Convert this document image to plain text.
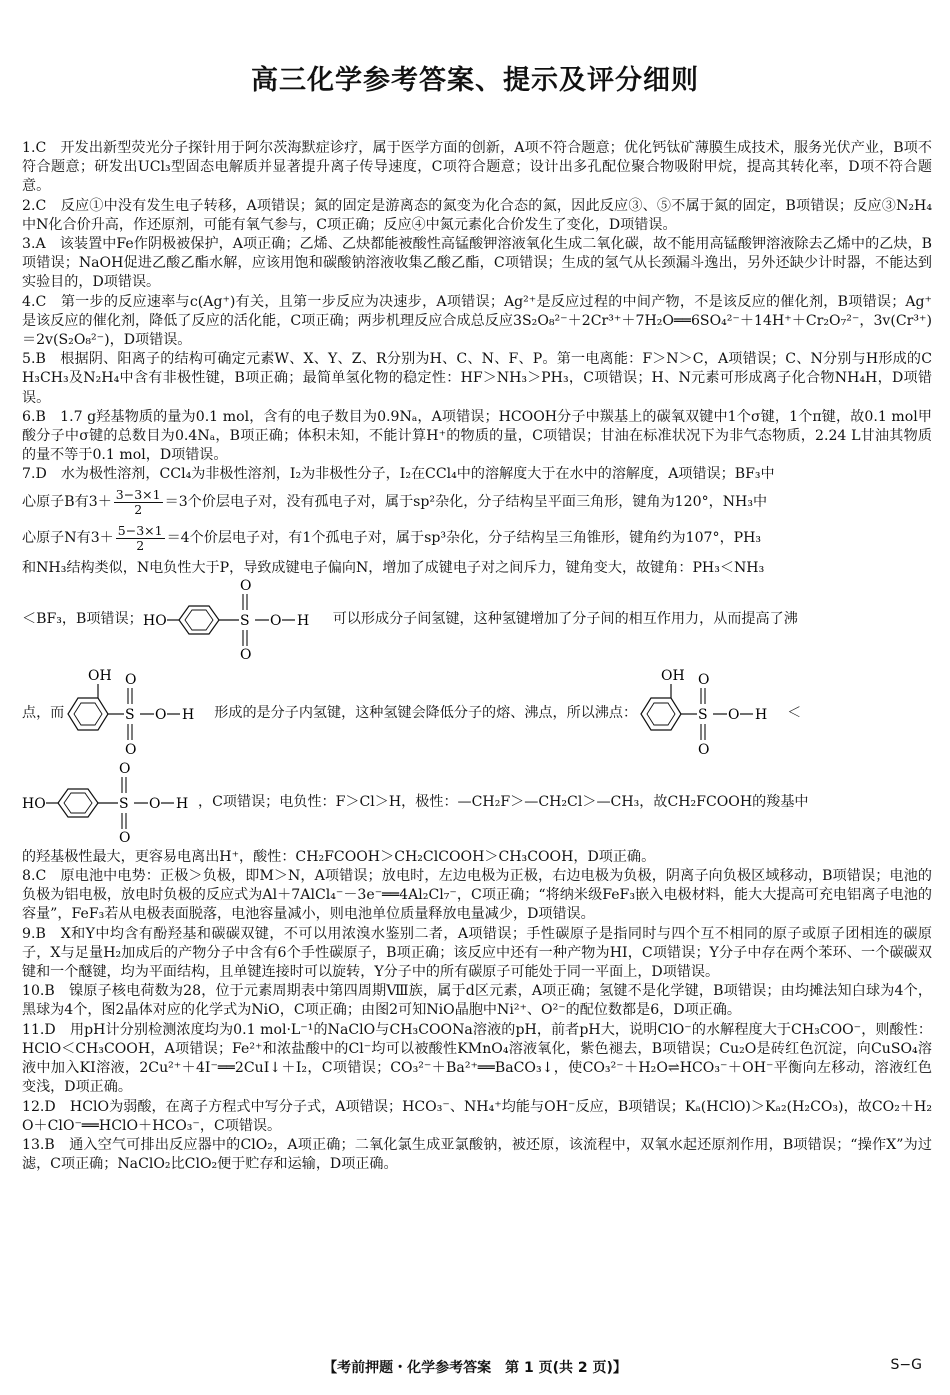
高三化学参考答案、提示及评分细则

1.C　开发出新型荧光分子探针用于阿尔茨海默症诊疗，属于医学方面的创新，A项不符合题意；优化钙钛矿薄膜生成技术，服务光伏产业，B项不符合题意；研发出UCl₃型固态电解质并显著提升离子传导速度，C项符合题意；设计出多孔配位聚合物吸附甲烷，提高其转化率，D项不符合题意。

2.C　反应①中没有发生电子转移，A项错误；氮的固定是游离态的氮变为化合态的氮，因此反应③、⑤不属于氮的固定，B项错误；反应③N₂H₄中N化合价升高，作还原剂，可能有氧气参与，C项正确；反应④中氮元素化合价发生了变化，D项错误。

3.A　该装置中Fe作阴极被保护，A项正确；乙烯、乙炔都能被酸性高锰酸钾溶液氧化生成二氧化碳，故不能用高锰酸钾溶液除去乙烯中的乙炔，B项错误；NaOH促进乙酸乙酯水解，应该用饱和碳酸钠溶液收集乙酸乙酯，C项错误；生成的氢气从长颈漏斗逸出，另外还缺少计时器，不能达到实验目的，D项错误。

4.C　第一步的反应速率与c(Ag⁺)有关，且第一步反应为决速步，A项错误；Ag²⁺是反应过程的中间产物，不是该反应的催化剂，B项错误；Ag⁺是该反应的催化剂，降低了反应的活化能，C项正确；两步机理反应合成总反应3S₂O₈²⁻＋2Cr³⁺＋7H₂O══6SO₄²⁻＋14H⁺＋Cr₂O₇²⁻，3v(Cr³⁺)＝2v(S₂O₈²⁻)，D项错误。

5.B　根据阴、阳离子的结构可确定元素W、X、Y、Z、R分别为H、C、N、F、P。第一电离能：F＞N＞C，A项错误；C、N分别与H形成的CH₃CH₃及N₂H₄中含有非极性键，B项正确；最简单氢化物的稳定性：HF＞NH₃＞PH₃，C项错误；H、N元素可形成离子化合物NH₄H，D项错误。

6.B　1.7 g羟基物质的量为0.1 mol，含有的电子数目为0.9Nₐ，A项错误；HCOOH分子中羰基上的碳氧双键中1个σ键，1个π键，故0.1 mol甲酸分子中σ键的总数目为0.4Nₐ，B项正确；体积未知，不能计算H⁺的物质的量，C项错误；甘油在标准状况下为非气态物质，2.24 L甘油其物质的量不等于0.1 mol，D项错误。

7.D　水为极性溶剂，CCl₄为非极性溶剂，I₂为非极性分子，I₂在CCl₄中的溶解度大于在水中的溶解度，A项错误；BF₃中

心原子B有$3+ \frac{3-3\times 1}{2} =3$个价层电子对，没有孤电子对，属于sp²杂化，分子结构呈平面三角形，键角为120°，NH₃中
心原子N有$3+ \frac{5-3\times 1}{2} =4$个价层电子对，有1个孤电子对，属于sp³杂化，分子结构呈三角锥形，键角约为107°，PH₃

和NH₃结构类似，N电负性大于P，导致成键电子偏向N，增加了成键电子对之间斥力，键角变大，故键角：PH₃＜NH₃

＜BF₃，B项错误； HO	S
O
O
O H 可以形成分子间氢键，这种氢键增加了分子间的相互作用力，从而提高了沸
点，而
OH
S
O
O
O H 形成的是分子内氢键，这种氢键会降低分子的熔、沸点，所以沸点：
OH
S
O
O
O H ＜
HO	S
O
O
O H ，C项错误；电负性：F＞Cl＞H，极性：—CH₂F＞—CH₂Cl＞—CH₃，故CH₂FCOOH的羧基中

的羟基极性最大，更容易电离出H⁺，酸性：CH₂FCOOH＞CH₂ClCOOH＞CH₃COOH，D项正确。

8.C　原电池中电势：正极＞负极，即M＞N，A项错误；放电时，左边电极为正极，右边电极为负极，阴离子向负极区域移动，B项错误；电池的负极为铝电极，放电时负极的反应式为Al＋7AlCl₄⁻－3e⁻══4Al₂Cl₇⁻，C项正确；“将纳米级FeF₃嵌入电极材料，能大大提高可充电铝离子电池的容量”，FeF₃若从电极表面脱落，电池容量减小，则电池单位质量释放电量减少，D项错误。

9.B　X和Y中均含有酚羟基和碳碳双键，不可以用浓溴水鉴别二者，A项错误；手性碳原子是指同时与四个互不相同的原子或原子团相连的碳原子，X与足量H₂加成后的产物分子中含有6个手性碳原子，B项正确；该反应中还有一种产物为HI，C项错误；Y分子中存在两个苯环、一个碳碳双键和一个醚键，均为平面结构，且单键连接时可以旋转，Y分子中的所有碳原子可能处于同一平面上，D项错误。

10.B　镍原子核电荷数为28，位于元素周期表中第四周期Ⅷ族，属于d区元素，A项正确；氢键不是化学键，B项错误；由均摊法知白球为4个，黑球为4个，图2晶体对应的化学式为NiO，C项正确；由图2可知NiO晶胞中Ni²⁺、O²⁻的配位数都是6，D项正确。

11.D　用pH计分别检测浓度均为0.1 mol·L⁻¹的NaClO与CH₃COONa溶液的pH，前者pH大，说明ClO⁻的水解程度大于CH₃COO⁻，则酸性：HClO＜CH₃COOH，A项错误；Fe²⁺和浓盐酸中的Cl⁻均可以被酸性KMnO₄溶液氧化，紫色褪去，B项错误；Cu₂O是砖红色沉淀，向CuSO₄溶液中加入KI溶液，2Cu²⁺＋4I⁻══2CuI↓＋I₂，C项错误；CO₃²⁻＋Ba²⁺══BaCO₃↓，使CO₃²⁻＋H₂O⇌HCO₃⁻＋OH⁻平衡向左移动，溶液红色变浅，D项正确。

12.D　HClO为弱酸，在离子方程式中写分子式，A项错误；HCO₃⁻、NH₄⁺均能与OH⁻反应，B项错误；Kₐ(HClO)＞Kₐ₂(H₂CO₃)，故CO₂＋H₂O＋ClO⁻══HClO＋HCO₃⁻，C项错误。

13.B　通入空气可排出反应器中的ClO₂，A项正确；二氧化氯生成亚氯酸钠，被还原，该流程中，双氧水起还原剂作用，B项错误；“操作X”为过滤，C项正确；NaClO₂比ClO₂便于贮存和运输，D项正确。

【考前押题・化学参考答案　第 1 页(共 2 页)】	S−G
